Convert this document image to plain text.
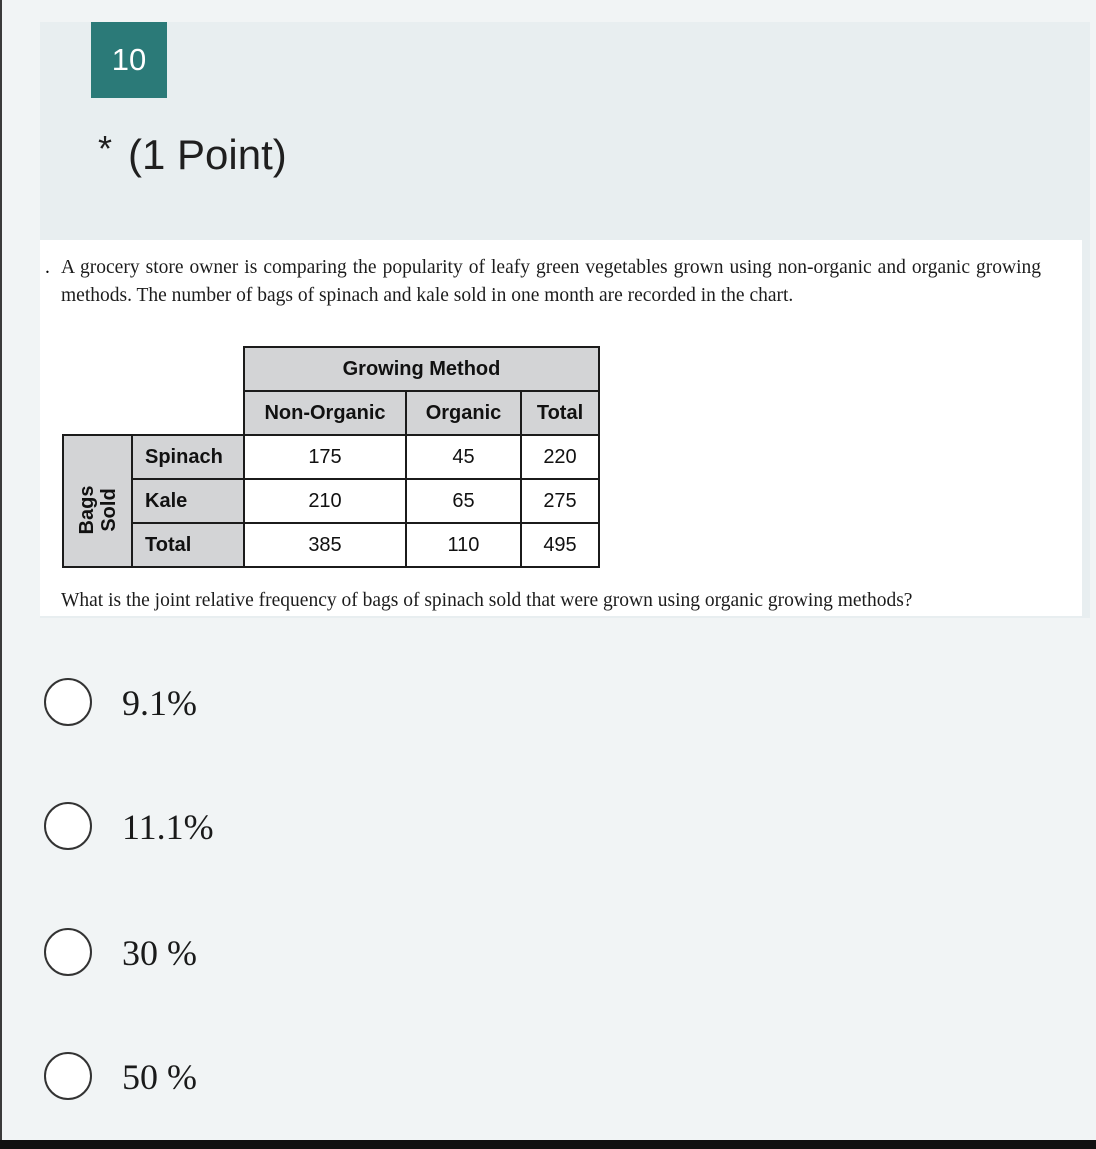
10
* (1 Point)
. A grocery store owner is comparing the popularity of leafy green vegetables grown using non-organic and organic growing methods. The number of bags of spinach and kale sold in one month are recorded in the chart.
Growing Method
Non-Organic	Organic	Total
Bags Sold
Spinach	175	45	220
Kale	210	65	275
Total	385	110	495
What is the joint relative frequency of bags of spinach sold that were grown using organic growing methods?
9.1%
11.1%
30 %
50 %
